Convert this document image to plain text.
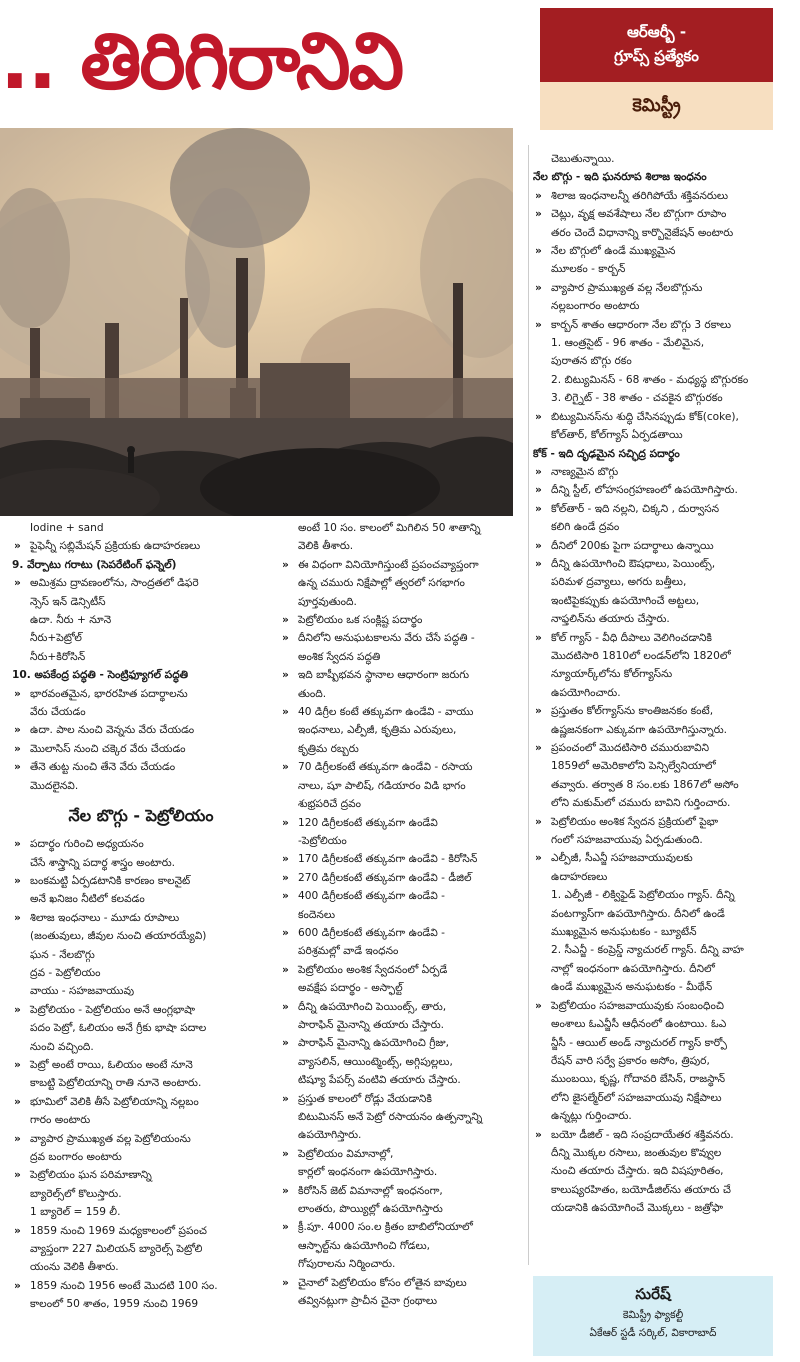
.. తిరిగిరానివి	ఆర్ఆర్బీ -
గ్రూప్స్ ప్రత్యేకం
కెమిస్ట్రీ
Iodine + sand
» పైఫెన్నీ సబ్లిమేషన్ ప్రక్రియకు ఉదాహరణలు
9. వేర్పాటు గరాటు (సెపరేటింగ్ ఫన్నెల్)
» అమిశ్రమ ద్రావణంలోను, సాంద్రతలో డిఫరె
న్సెస్ ఇన్ డెన్సిటీస్
ఉదా. నీరు + నూనె
నీరు+పెట్రోల్
నీరు+కిరోసిన్
10. అపకేంద్ర పద్ధతి - సెంట్రిఫ్యూగల్ పద్ధతి
» భారవంతమైన, భారరహిత పదార్థాలను
వేరు చేయడం
» ఉదా. పాల నుంచి వెన్నను వేరు చేయడం
» మొలాసిస్ నుంచి చక్కెర వేరు చేయడం
» తేనె తుట్ట నుంచి తేనె వేరు చేయడం
మొదలైనవి.
నేల బొగ్గు - పెట్రోలియం
» పదార్థం గురించి అధ్యయనం
చేసే శాస్త్రాన్ని పదార్థ శాస్త్రం అంటారు.
» బంకమట్టి ఏర్పడటానికి కారణం కాలనైట్
అనే ఖనిజం నీటిలో కలవడం
» శిలాజ ఇంధనాలు - మూడు రూపాలు
(జంతువులు, జీవుల నుంచి తయారయ్యేవి)
ఘన - నేలబొగ్గు
ద్రవ - పెట్రోలియం
వాయు - సహజవాయువు
» పెట్రోలియం - పెట్రోలియం అనే ఆంగ్లభాషా
పదం పెట్రో, ఓలియం అనే గ్రీకు భాషా పదాల
నుంచి వచ్చింది.
» పెట్రో అంటే రాయి, ఓలియం అంటే నూనె
కాబట్టి పెట్రోలియాన్ని రాతి నూనె అంటారు.
» భూమిలో వెలికి తీసే పెట్రోలియాన్ని నల్లబం
గారం అంటారు
» వ్యాపార ప్రాముఖ్యత వల్ల పెట్రోలియంను
ద్రవ బంగారం అంటారు
» పెట్రోలియం ఘన పరిమాణాన్ని
బ్యారెల్స్‌లో కొలుస్తారు.
1 బ్యారెల్ = 159 లీ.
» 1859 నుంచి 1969 మధ్యకాలంలో ప్రపంచ
వ్యాప్తంగా 227 మిలియన్ బ్యారెల్స్ పెట్రోలి
యంను వెలికి తీశారు.
» 1859 నుంచి 1956 అంటే మొదటి 100 సం.
కాలంలో 50 శాతం, 1959 నుంచి 1969
అంటే 10 సం. కాలంలో మిగిలిన 50 శాతాన్ని
వెలికి తీశారు.
» ఈ విధంగా వినియోగిస్తుంటే ప్రపంచవ్యాప్తంగా
ఉన్న చమురు నిక్షేపాల్లో త్వరలో సగభాగం
పూర్తవుతుంది.
» పెట్రోలియం ఒక సంక్లిష్ట పదార్థం
» దీనిలోని అనుఘటకాలను వేరు చేసే పద్ధతి -
అంశిక స్వేదన పద్ధతి
» ఇది బాష్పీభవన స్థానాల ఆధారంగా జరుగు
తుంది.
» 40 డిగ్రీల కంటే తక్కువగా ఉండేవి - వాయు
ఇంధనాలు, ఎల్పీజీ, కృత్రిమ ఎరువులు,
కృత్రిమ రబ్బరు
» 70 డిగ్రీలకంటే తక్కువగా ఉండేవి - రసాయ
నాలు, షూ పాలిష్, గడియారం విడి భాగం
శుభ్రపరిచే ద్రవం
» 120 డిగ్రీలకంటే తక్కువగా ఉండేవి
-పెట్రోలియం
» 170 డిగ్రీలకంటే తక్కువగా ఉండేవి - కిరోసిన్
» 270 డిగ్రీలకంటే తక్కువగా ఉండేవి - డీజిల్
» 400 డిగ్రీలకంటే తక్కువగా ఉండేవి -
కందెనలు
» 600 డిగ్రీలకంటే తక్కువగా ఉండేవి -
పరిశ్రమల్లో వాడే ఇంధనం
» పెట్రోలియం అంశిక స్వేదనంలో ఏర్పడే
అవక్షేప పదార్థం - అస్ఫాల్ట్
» దీన్ని ఉపయోగించి పెయింట్స్, తారు,
పారాఫిన్ మైనాన్ని తయారు చేస్తారు.
» పారాఫిన్ మైనాన్ని ఉపయోగించి గ్రీజు,
వ్యాసలిన్, ఆయింట్మెంట్స్, అగ్గిపుల్లలు,
టిష్యూ పేపర్స్ వంటివి తయారు చేస్తారు.
» ప్రస్తుత కాలంలో రోడ్లు వేయడానికి
బిటుమినస్ అనే పెట్రో రసాయనం ఉత్పన్నాన్ని
ఉపయోగిస్తారు.
» పెట్రోలియం విమానాల్లో,
కార్లలో ఇంధనంగా ఉపయోగిస్తారు.
» కిరోసిన్ జెట్ విమానాల్లో ఇంధనంగా,
లాంతరు, పొయ్యిల్లో ఉపయోగిస్తారు
» క్రీ.పూ. 4000 సం.ల క్రితం బాబిలోనియాలో
ఆస్ఫాల్ట్‌ను ఉపయోగించి గోడలు,
గోపురాలను నిర్మించారు.
» చైనాలో పెట్రోలియం కోసం లోతైన బావులు
తవ్వినట్లుగా ప్రాచీన చైనా గ్రంథాలు
చెబుతున్నాయి.
నేల బొగ్గు - ఇది ఘనరూప శిలాజ ఇంధనం
» శిలాజ ఇంధనాలన్నీ తరిగిపోయే శక్తివనరులు
» చెట్లు, వృక్ష అవశేషాలు నేల బొగ్గుగా రూపాం
తరం చెందే విధానాన్ని కార్బొనైజేషన్ అంటారు
» నేల బొగ్గులో ఉండే ముఖ్యమైన
మూలకం - కార్బన్
» వ్యాపార ప్రాముఖ్యత వల్ల నేలబొగ్గును
నల్లబంగారం అంటారు
» కార్బన్ శాతం ఆధారంగా నేల బొగ్గు 3 రకాలు
1. ఆంత్రసైట్ - 96 శాతం - మేలిమైన,
పురాతన బొగ్గు రకం
2. బిట్యుమినస్ - 68 శాతం - మధ్యస్థ బొగ్గురకం
3. లిగ్నైట్ - 38 శాతం - చవకైన బొగ్గురకం
» బిట్యుమినస్‌ను శుద్ధి చేసినప్పుడు కోక్(coke),
కోల్‌తార్, కోల్‌గ్యాస్ ఏర్పడతాయి
కోక్ - ఇది దృఢమైన సచ్ఛిద్ర పదార్థం
» నాణ్యమైన బొగ్గు
» దీన్ని స్టీల్, లోహసంగ్రహణంలో ఉపయోగిస్తారు.
» కోల్‌తార్ - ఇది నల్లని, చిక్కని , దుర్వాసన
కలిగి ఉండే ద్రవం
» దీనిలో 200కు పైగా పదార్థాలు ఉన్నాయి
» దీన్ని ఉపయోగించి ఔషధాలు, పెయింట్స్,
పరిమళ ద్రవ్యాలు, అగరు బత్తీలు,
ఇంటిపైకప్పుకు ఉపయోగించే అట్టలు,
నాఫ్తలిన్‌ను తయారు చేస్తారు.
» కోల్ గ్యాస్ - వీధి దీపాలు వెలిగించడానికి
మొదటిసారి 1810లో లండన్‌లోని 1820లో
న్యూయార్క్‌లోను కోల్‌గ్యాస్‌ను
ఉపయోగించారు.
» ప్రస్తుతం కోల్‌గ్యాస్‌ను కాంతిజనకం కంటే,
ఉష్ణజనకంగా ఎక్కువగా ఉపయోగిస్తున్నారు.
» ప్రపంచంలో మొదటిసారి చమురుబావిని
1859లో అమెరికాలోని పెన్సిల్వేనియాలో
తవ్వారు. తర్వాత 8 సం.లకు 1867లో అసోం
లోని మకుమ్‌లో చమురు బావిని గుర్తించారు.
» పెట్రోలియం అంశిక స్వేదన ప్రక్రియలో పైభా
గంలో సహజవాయువు ఏర్పడుతుంది.
» ఎల్పీజీ, సీఎన్జీ సహజవాయువులకు
ఉదాహరణలు
1. ఎల్పీజీ - లిక్విఫైడ్ పెట్రోలియం గ్యాస్. దీన్ని
వంటగ్యాస్‌గా ఉపయోగిస్తారు. దీనిలో ఉండే
ముఖ్యమైన అనుఘటకం - బ్యూటేన్
2. సీఎన్జీ - కంప్రెస్డ్ న్యాచురల్ గ్యాస్. దీన్ని వాహ
నాల్లో ఇంధనంగా ఉపయోగిస్తారు. దీనిలో
ఉండే ముఖ్యమైన అనుఘటకం - మీథేన్
» పెట్రోలియం సహజవాయువుకు సంబంధించి
అంశాలు ఓఎన్జీసీ ఆధీనంలో ఉంటాయి. ఓఎ
న్జీసీ - ఆయిల్ అండ్ న్యాచురల్ గ్యాస్ కార్పో
రేషన్ వారి సర్వే ప్రకారం అసోం, త్రిపుర,
ముంబయి, కృష్ణ, గోదావరి బేసిన్, రాజస్థాన్
లోని జైసల్మేర్‌లో సహజవాయువు నిక్షేపాలు
ఉన్నట్లు గుర్తించారు.
» బయో డీజిల్ - ఇది సంప్రదాయేతర శక్తివనరు.
దీన్ని మొక్కల రసాలు, జంతువుల కొవ్వుల
నుంచి తయారు చేస్తారు. ఇది విషపూరితం,
కాలుష్యరహితం, బయోడీజిల్‌ను తయారు చే
యడానికి ఉపయోగించే మొక్కలు - జత్రోఫా
సురేష్
కెమిస్ట్రీ ఫ్యాకల్టీ
ఏకేఆర్ స్టడీ సర్కిల్, వికారాబాద్
